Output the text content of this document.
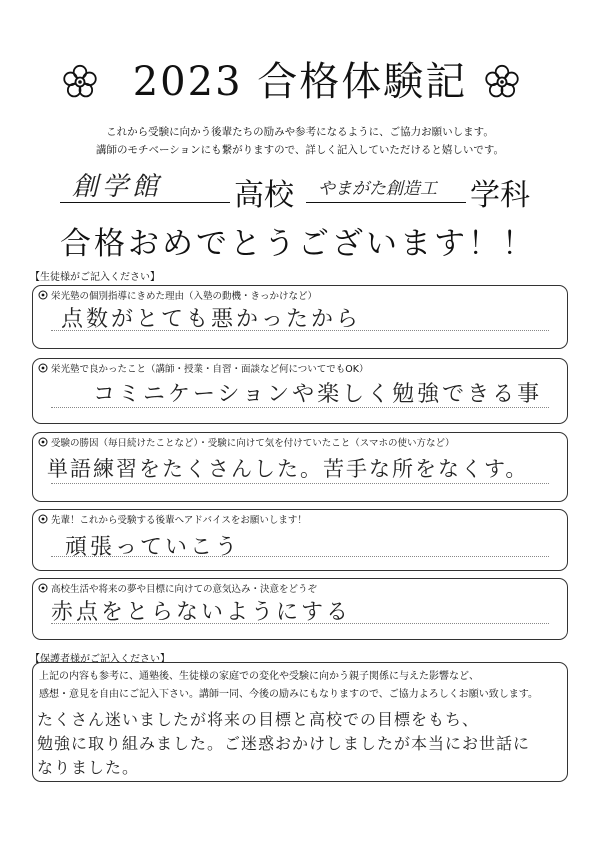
2023 合格体験記
これから受験に向かう後輩たちの励みや参考になるように、ご協力お願いします。
講師のモチベーションにも繋がりますので、詳しく記入していただけると嬉しいです。
創学館 高校 やまがた創造工 学科
合格おめでとうございます！！
【生徒様がご記入ください】
栄光塾の個別指導にきめた理由（入塾の動機・きっかけなど）
点数がとても悪かったから
栄光塾で良かったこと（講師・授業・自習・面談など何についてでもOK）
コミニケーションや楽しく勉強できる事
受験の勝因（毎日続けたことなど）・受験に向けて気を付けていたこと（スマホの使い方など）
単語練習をたくさんした。苦手な所をなくす。
先輩！これから受験する後輩へアドバイスをお願いします！
頑張っていこう
高校生活や将来の夢や目標に向けての意気込み・決意をどうぞ
赤点をとらないようにする
【保護者様がご記入ください】
上記の内容も参考に、通塾後、生徒様の家庭での変化や受験に向かう親子関係に与えた影響など、
感想・意見を自由にご記入下さい。講師一同、今後の励みにもなりますので、ご協力よろしくお願い致します。
たくさん迷いましたが将来の目標と高校での目標をもち、
勉強に取り組みました。ご迷惑おかけしましたが本当にお世話に
なりました。
